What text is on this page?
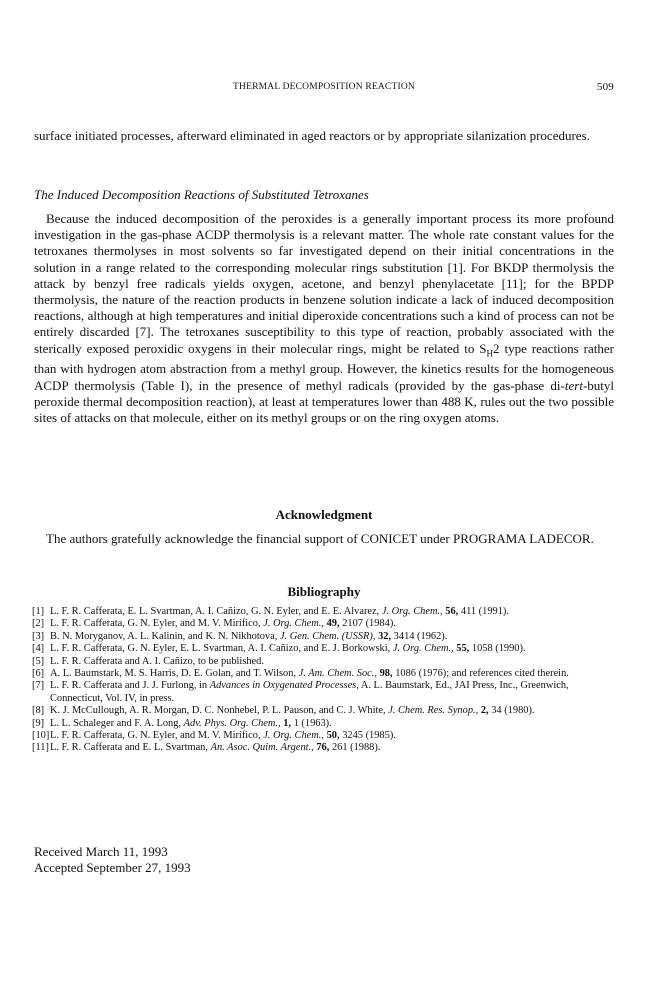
THERMAL DECOMPOSITION REACTION	509

surface initiated processes, afterward eliminated in aged reactors or by appropriate silanization procedures.

The Induced Decomposition Reactions of Substituted Tetroxanes

Because the induced decomposition of the peroxides is a generally important process its more profound investigation in the gas-phase ACDP thermolysis is a relevant matter. The whole rate constant values for the tetroxanes thermolyses in most solvents so far investigated depend on their initial concentrations in the solution in a range related to the corresponding molecular rings substitution [1]. For BKDP thermolysis the attack by benzyl free radicals yields oxygen, acetone, and benzyl phenylacetate [11]; for the BPDP thermolysis, the nature of the reaction products in benzene solution indicate a lack of induced decomposition reactions, although at high temperatures and initial diperoxide concentrations such a kind of process can not be entirely discarded [7]. The tetroxanes susceptibility to this type of reaction, probably associated with the sterically exposed peroxidic oxygens in their molecular rings, might be related to $S_H2$ type reactions rather than with hydrogen atom abstraction from a methyl group. However, the kinetics results for the homogeneous ACDP thermolysis (Table I), in the presence of methyl radicals (provided by the gas-phase di-tert-butyl peroxide thermal decomposition reaction), at least at temperatures lower than 488 K, rules out the two possible sites of attacks on that molecule, either on its methyl groups or on the ring oxygen atoms.

Acknowledgment

The authors gratefully acknowledge the financial support of CONICET under PROGRAMA LADECOR.

Bibliography

[1] L. F. R. Cafferata, E. L. Svartman, A. I. Cañizo, G. N. Eyler, and E. E. Alvarez, J. Org. Chem., 56, 411 (1991).

[2] L. F. R. Cafferata, G. N. Eyler, and M. V. Mirífico, J. Org. Chem., 49, 2107 (1984).

[3] B. N. Moryganov, A. L. Kalinin, and K. N. Nikhotova, J. Gen. Chem. (USSR), 32, 3414 (1962).

[4] L. F. R. Cafferata, G. N. Eyler, E. L. Svartman, A. I. Cañizo, and E. J. Borkowski, J. Org. Chem., 55, 1058 (1990).

[5] L. F. R. Cafferata and A. I. Cañizo, to be published.

[6] A. L. Baumstark, M. S. Harris, D. E. Golan, and T. Wilson, J. Am. Chem. Soc., 98, 1086 (1976); and references cited therein.

[7] L. F. R. Cafferata and J. J. Furlong, in Advances in Oxygenated Processes, A. L. Baumstark, Ed., JAI Press, Inc., Greenwich, Connecticut, Vol. IV, in press.

[8] K. J. McCullough, A. R. Morgan, D. C. Nonhebel, P. L. Pauson, and C. J. White, J. Chem. Res. Synop., 2, 34 (1980).

[9] L. L. Schaleger and F. A. Long, Adv. Phys. Org. Chem., 1, 1 (1963).

[10] L. F. R. Cafferata, G. N. Eyler, and M. V. Mirífico, J. Org. Chem., 50, 3245 (1985).

[11] L. F. R. Cafferata and E. L. Svartman, An. Asoc. Quim. Argent., 76, 261 (1988).

Received March 11, 1993
Accepted September 27, 1993
